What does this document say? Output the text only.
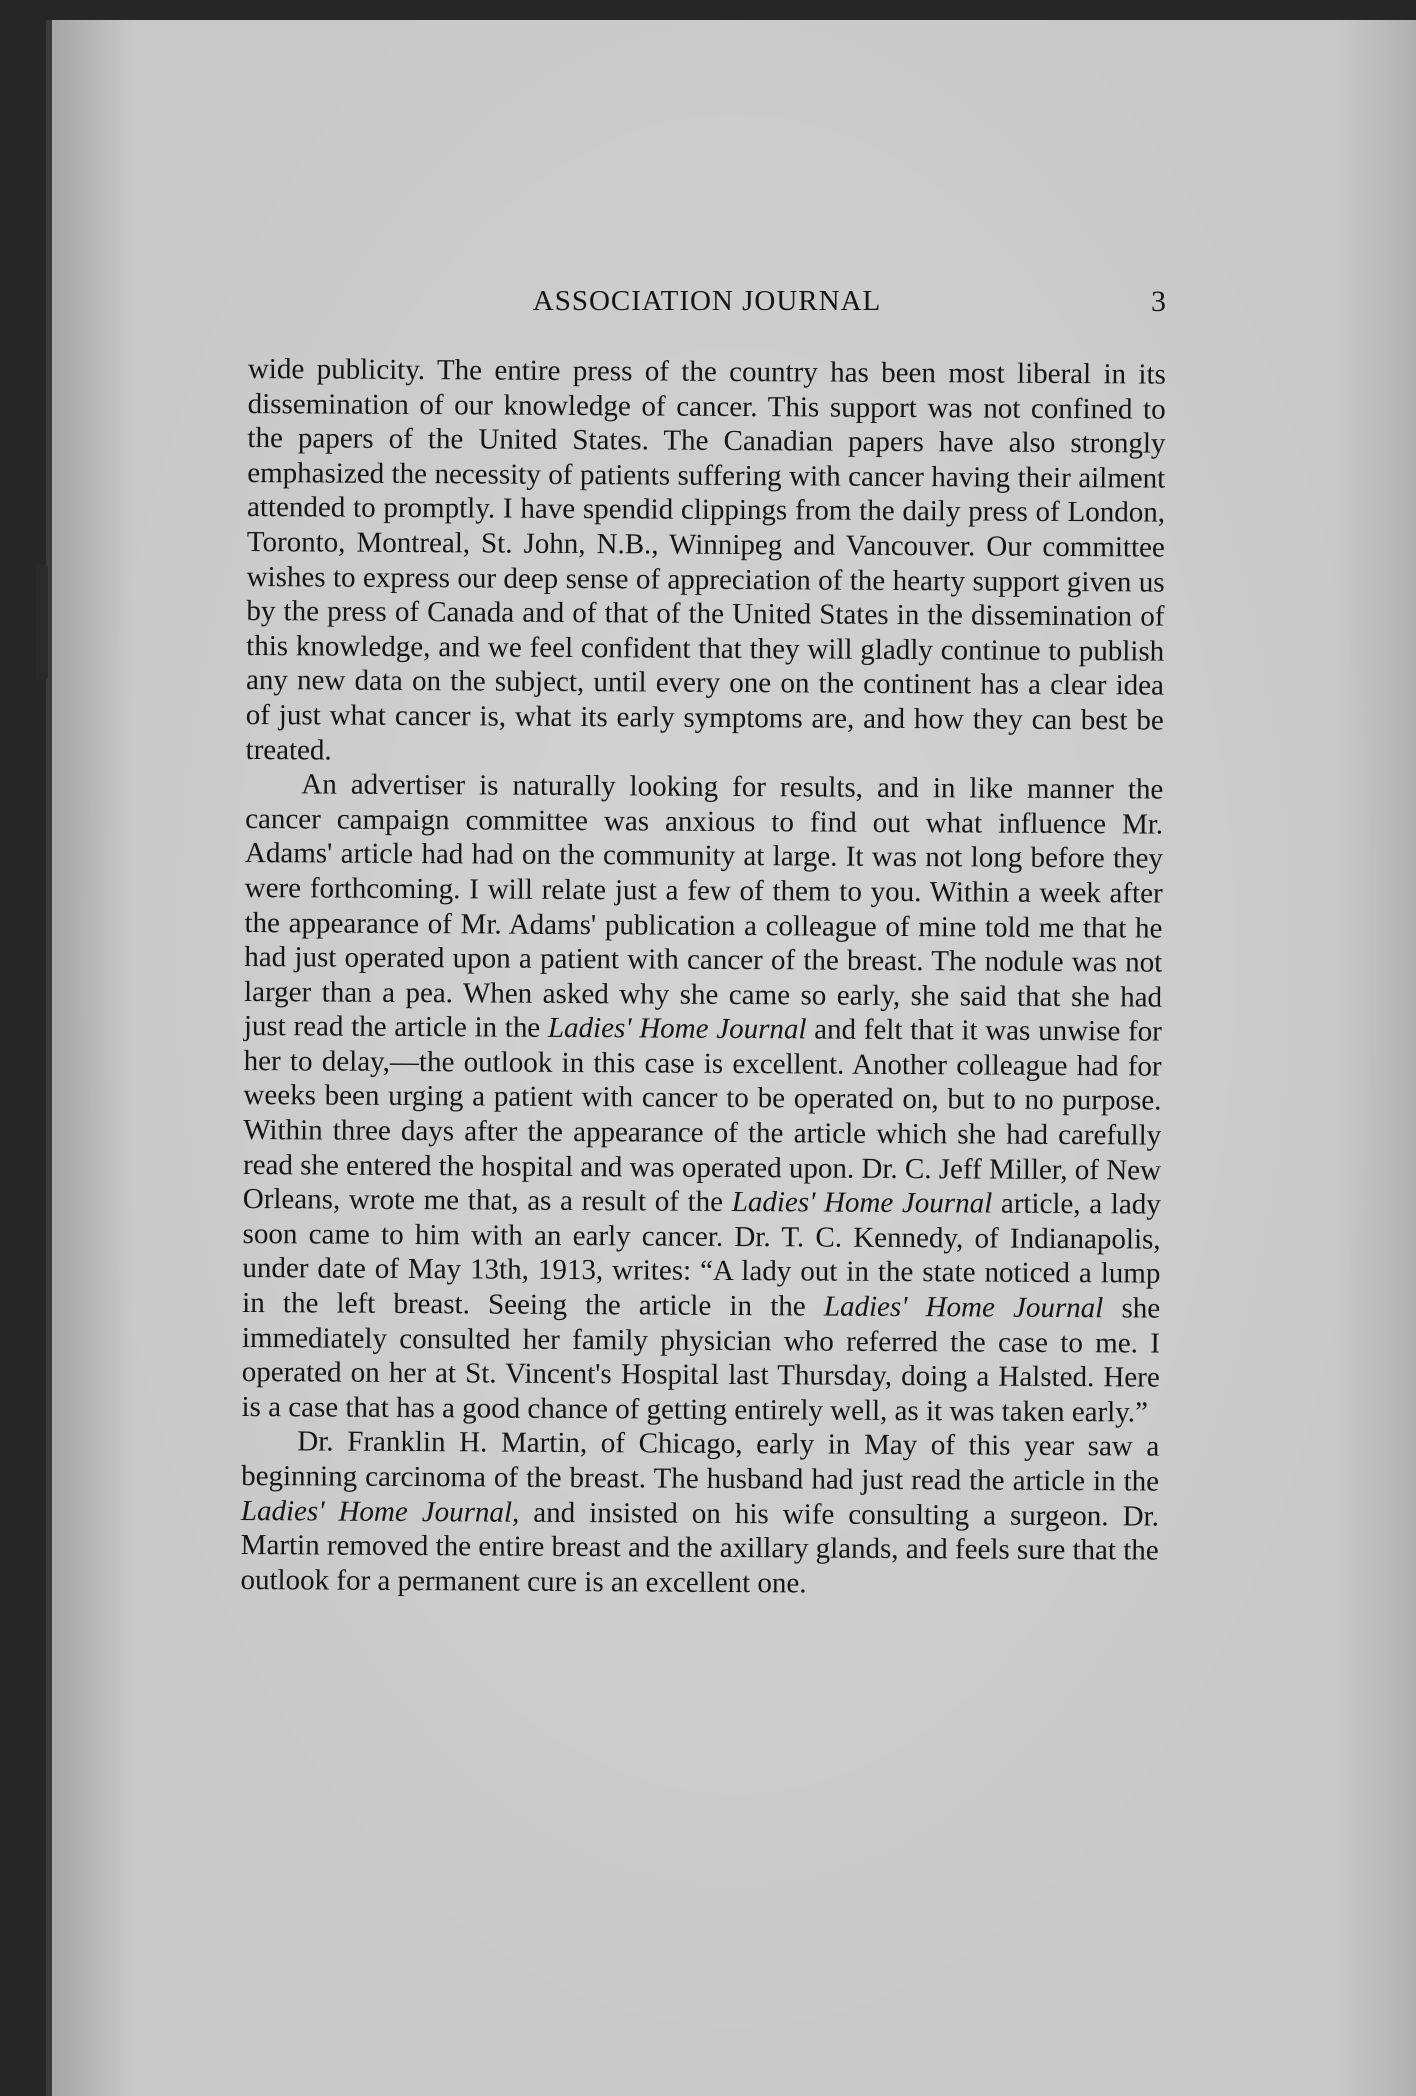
ASSOCIATION JOURNAL	3

wide publicity. The entire press of the country has been most liberal in its dissemination of our knowledge of cancer. This support was not confined to the papers of the United States. The Canadian papers have also strongly emphasized the necessity of patients suffering with cancer having their ailment attended to promptly. I have spendid clippings from the daily press of London, Toronto, Montreal, St. John, N.B., Winnipeg and Vancouver. Our committee wishes to express our deep sense of appreciation of the hearty support given us by the press of Canada and of that of the United States in the dissemination of this knowledge, and we feel confident that they will gladly continue to publish any new data on the subject, until every one on the continent has a clear idea of just what cancer is, what its early symptoms are, and how they can best be treated.

An advertiser is naturally looking for results, and in like manner the cancer campaign committee was anxious to find out what influence Mr. Adams' article had had on the community at large. It was not long before they were forthcoming. I will relate just a few of them to you. Within a week after the appearance of Mr. Adams' publication a colleague of mine told me that he had just operated upon a patient with cancer of the breast. The nodule was not larger than a pea. When asked why she came so early, she said that she had just read the article in the Ladies' Home Journal and felt that it was unwise for her to delay,—the outlook in this case is excellent. Another colleague had for weeks been urging a patient with cancer to be operated on, but to no purpose. Within three days after the appearance of the article which she had carefully read she entered the hospital and was operated upon. Dr. C. Jeff Miller, of New Orleans, wrote me that, as a result of the Ladies' Home Journal article, a lady soon came to him with an early cancer. Dr. T. C. Kennedy, of Indianapolis, under date of May 13th, 1913, writes: “A lady out in the state noticed a lump in the left breast. Seeing the article in the Ladies' Home Journal she immediately consulted her family physician who referred the case to me. I operated on her at St. Vincent's Hospital last Thursday, doing a Halsted. Here is a case that has a good chance of getting entirely well, as it was taken early.”

Dr. Franklin H. Martin, of Chicago, early in May of this year saw a beginning carcinoma of the breast. The husband had just read the article in the Ladies' Home Journal, and insisted on his wife consulting a surgeon. Dr. Martin removed the entire breast and the axillary glands, and feels sure that the outlook for a permanent cure is an excellent one.
